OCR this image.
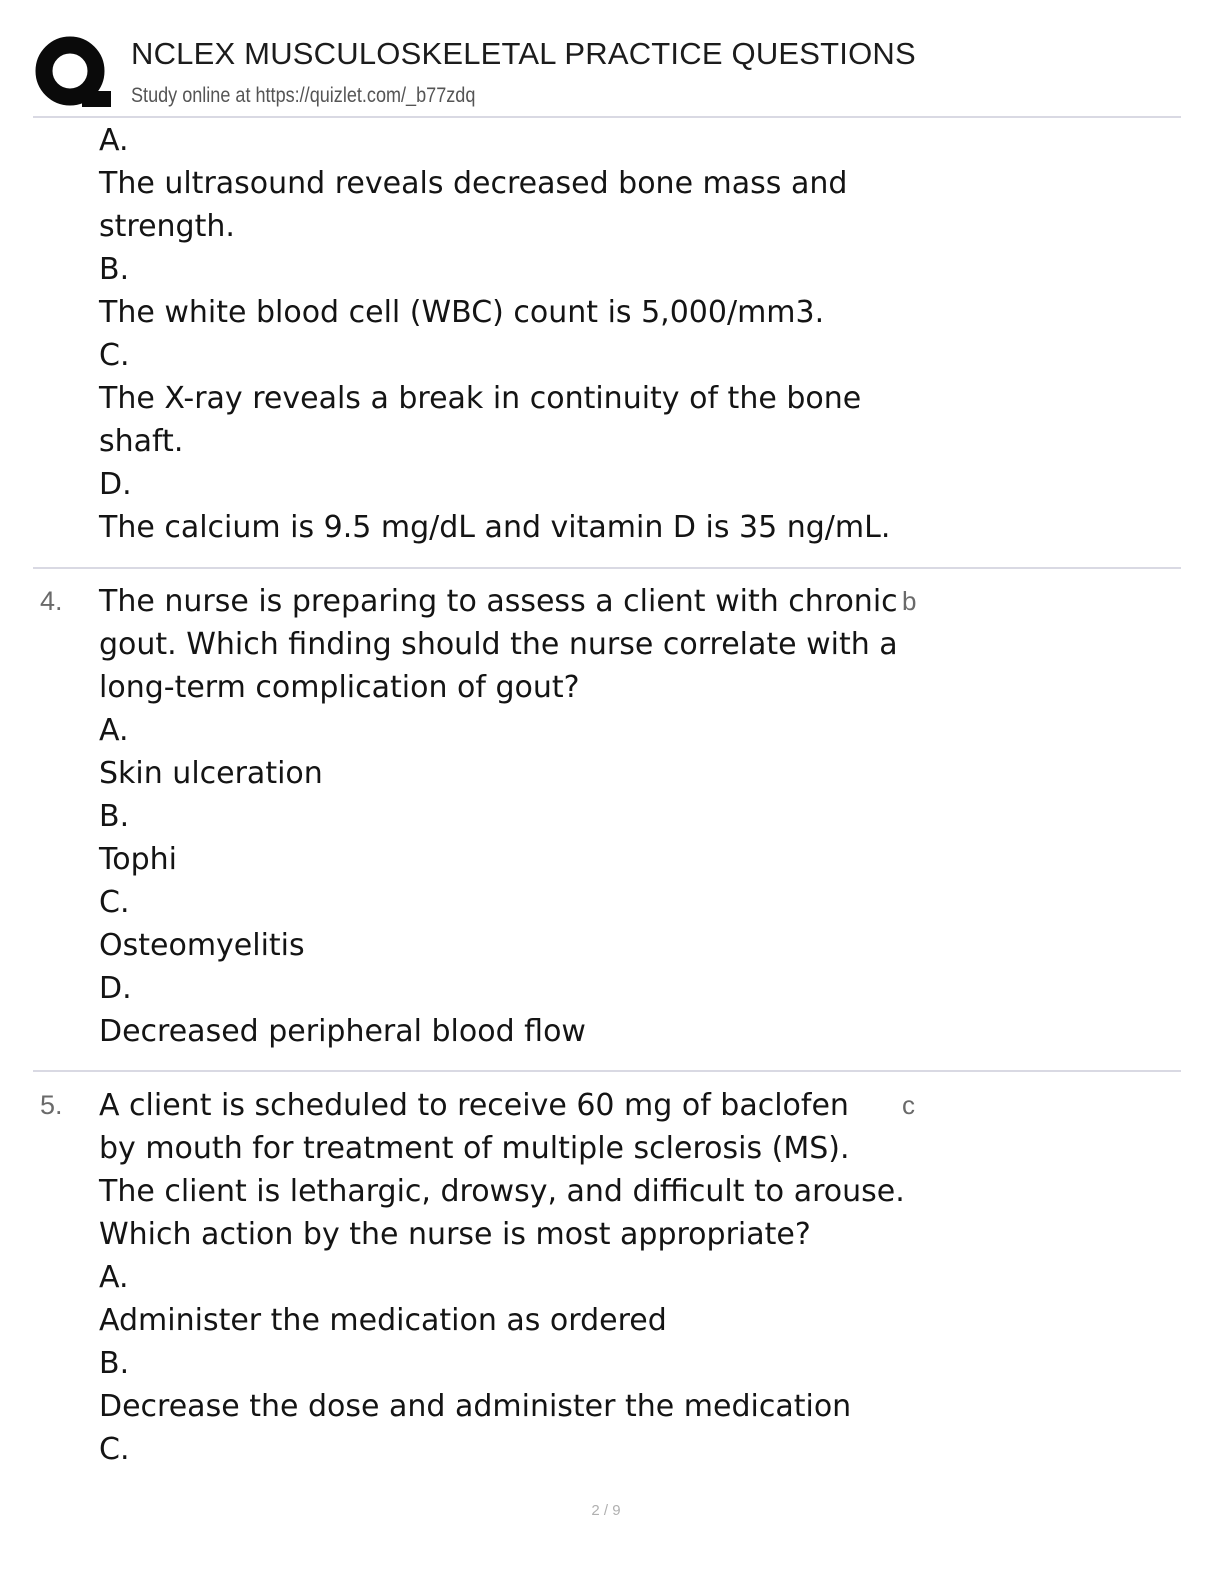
NCLEX MUSCULOSKELETAL PRACTICE QUESTIONS
Study online at https://quizlet.com/_b77zdq
A.
The ultrasound reveals decreased bone mass and
strength.
B.
The white blood cell (WBC) count is 5,000/mm3.
C.
The X-ray reveals a break in continuity of the bone
shaft.
D.
The calcium is 9.5 mg/dL and vitamin D is 35 ng/mL.
4.	b
The nurse is preparing to assess a client with chronic
gout. Which finding should the nurse correlate with a
long-term complication of gout?
A.
Skin ulceration
B.
Tophi
C.
Osteomyelitis
D.
Decreased peripheral blood flow
5.	c
A client is scheduled to receive 60 mg of baclofen
by mouth for treatment of multiple sclerosis (MS).
The client is lethargic, drowsy, and difficult to arouse.
Which action by the nurse is most appropriate?
A.
Administer the medication as ordered
B.
Decrease the dose and administer the medication
C.
2 / 9
